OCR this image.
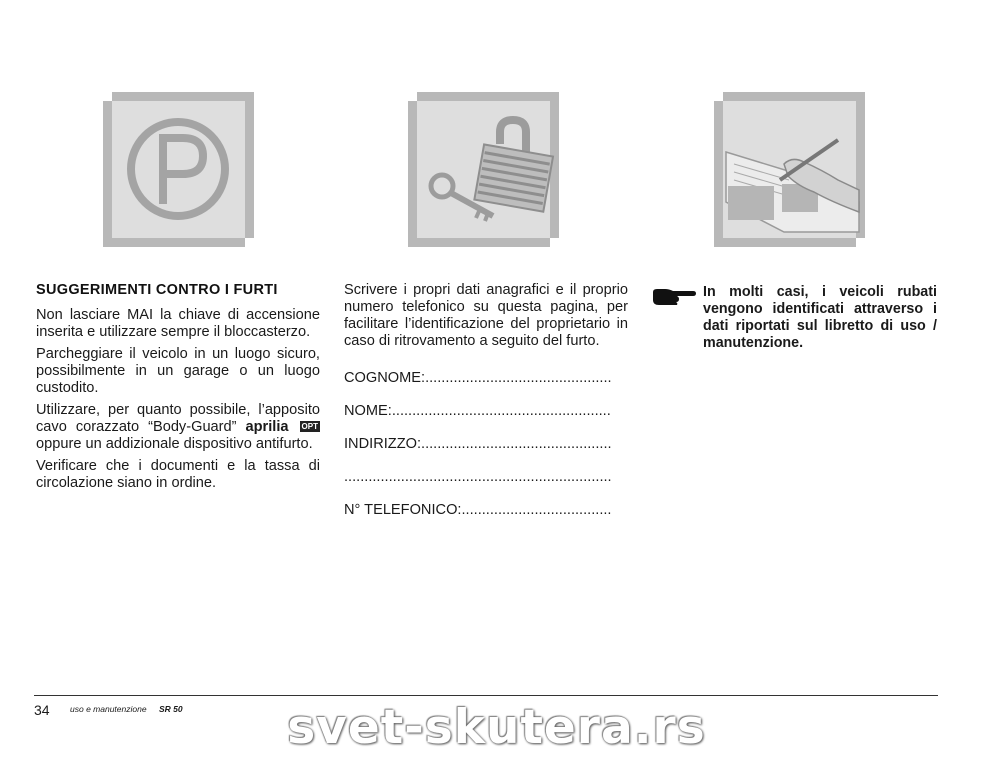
SUGGERIMENTI CONTRO I FURTI

Non lasciare MAI la chiave di accensione inserita e utilizzare sempre il bloccasterzo.

Parcheggiare il veicolo in un luogo sicuro, possibilmente in un garage o un luogo custodito.

Utilizzare, per quanto possibile, l’apposito cavo corazzato “Body-Guard” aprilia OPT oppure un addizionale dispositivo antifurto.

Verificare che i documenti e la tassa di circolazione siano in ordine.

Scrivere i propri dati anagrafici e il proprio numero telefonico su questa pagina, per facilitare l’identificazione del proprietario in caso di ritrovamento a seguito del furto.

COGNOME:..............................................
NOME:......................................................
INDIRIZZO:...............................................
..................................................................
N° TELEFONICO:.....................................
In molti casi, i veicoli rubati vengono identificati attraverso i dati riportati sul libretto di uso / manutenzione.
34 uso e manutenzione SR 50	svet-skutera.rs
